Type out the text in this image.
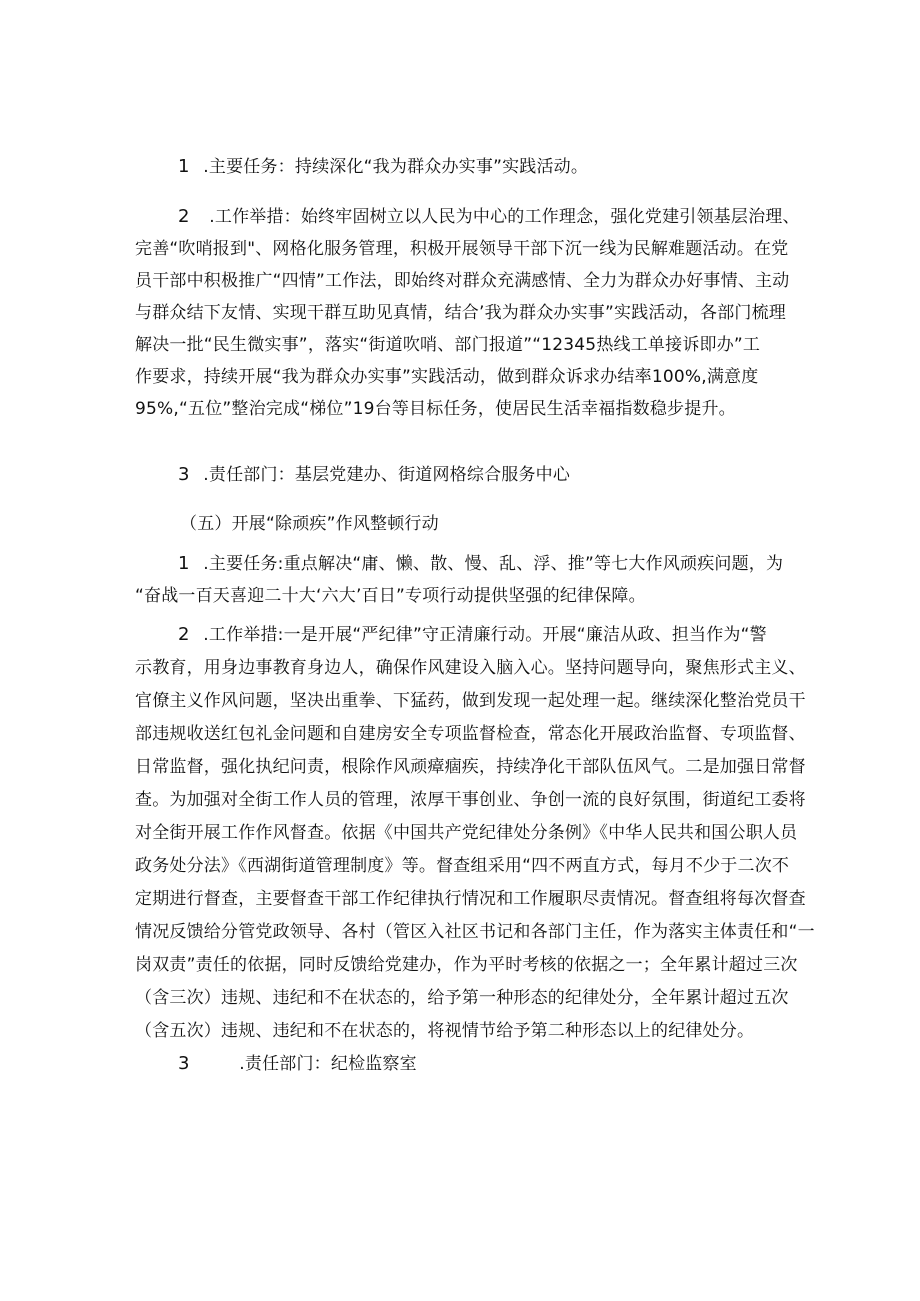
1 .主要任务：持续深化“我为群众办实事”实践活动。
2 .工作举措：始终牢固树立以人民为中心的工作理念，强化党建引领基层治理、
完善“吹哨报到"、网格化服务管理，积极开展领导干部下沉一线为民解难题活动。在党
员干部中积极推广“四情”工作法，即始终对群众充满感情、全力为群众办好事情、主动
与群众结下友情、实现干群互助见真情，结合’我为群众办实事”实践活动，各部门梳理
解决一批“民生微实事”，落实“街道吹哨、部门报道”“12345热线工单接诉即办”工
作要求，持续开展“我为群众办实事”实践活动，做到群众诉求办结率100%,满意度
95%,“五位”整治完成“梯位”19台等目标任务，使居民生活幸福指数稳步提升。
3 .责任部门：基层党建办、街道网格综合服务中心
（五）开展“除顽疾”作风整顿行动
1 .主要任务:重点解决“庸、懒、散、慢、乱、浮、推”等七大作风顽疾问题，为
“奋战一百天喜迎二十大‘六大’百日”专项行动提供坚强的纪律保障。
2 .工作举措:一是开展“严纪律”守正清廉行动。开展“廉洁从政、担当作为“警
示教育，用身边事教育身边人，确保作风建设入脑入心。坚持问题导向，聚焦形式主义、
官僚主义作风问题，坚决出重拳、下猛药，做到发现一起处理一起。继续深化整治党员干
部违规收送红包礼金问题和自建房安全专项监督检查，常态化开展政治监督、专项监督、
日常监督，强化执纪问责，根除作风顽瘴痼疾，持续净化干部队伍风气。二是加强日常督
查。为加强对全街工作人员的管理，浓厚干事创业、争创一流的良好氛围，街道纪工委将
对全街开展工作作风督查。依据《中国共产党纪律处分条例》《中华人民共和国公职人员
政务处分法》《西湖街道管理制度》等。督查组采用“四不两直方式，每月不少于二次不
定期进行督查，主要督查干部工作纪律执行情况和工作履职尽责情况。督查组将每次督查
情况反馈给分管党政领导、各村（管区入社区书记和各部门主任，作为落实主体责任和“一
岗双责”责任的依据，同时反馈给党建办，作为平时考核的依据之一；全年累计超过三次
（含三次）违规、违纪和不在状态的，给予第一种形态的纪律处分，全年累计超过五次
（含五次）违规、违纪和不在状态的，将视情节给予第二种形态以上的纪律处分。
3	.责任部门：纪检监察室
